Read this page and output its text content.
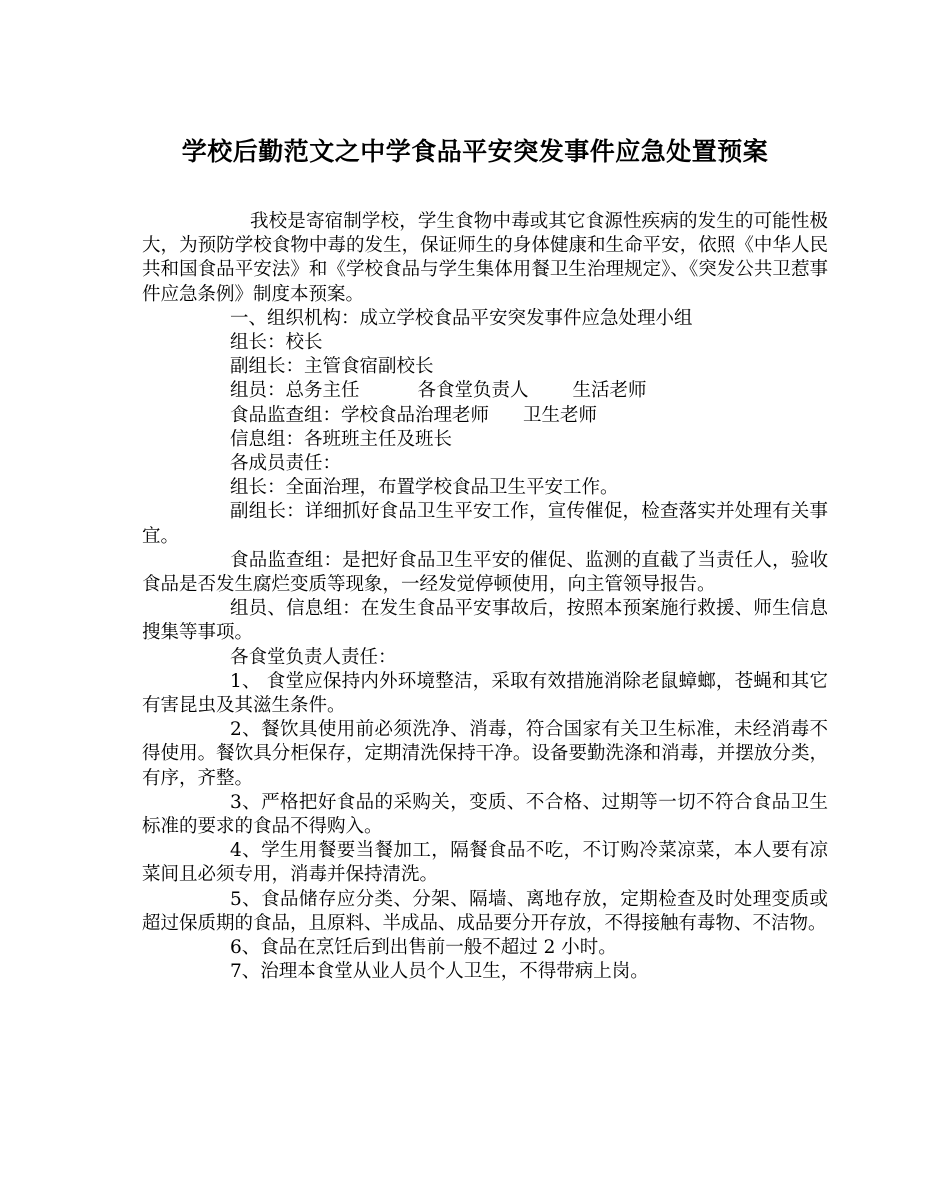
学校后勤范文之中学食品平安突发事件应急处置预案

我校是寄宿制学校，学生食物中毒或其它食源性疾病的发生的可能性极大，为预防学校食物中毒的发生，保证师生的身体健康和生命平安，依照《中华人民共和国食品平安法》和《学校食品与学生集体用餐卫生治理规定》、《突发公共卫惹事件应急条例》制度本预案。

一、组织机构：成立学校食品平安突发事件应急处理小组

组长：校长

副组长：主管食宿副校长

组员：总务主任	各食堂负责人 生活老师

食品监查组：学校食品治理老师 卫生老师

信息组：各班班主任及班长

各成员责任：

组长：全面治理，布置学校食品卫生平安工作。

副组长：详细抓好食品卫生平安工作，宣传催促，检查落实并处理有关事宜。

食品监查组：是把好食品卫生平安的催促、监测的直截了当责任人，验收食品是否发生腐烂变质等现象，一经发觉停顿使用，向主管领导报告。

组员、信息组：在发生食品平安事故后，按照本预案施行救援、师生信息搜集等事项。

各食堂负责人责任：

1、 食堂应保持内外环境整洁，采取有效措施消除老鼠蟑螂，苍蝇和其它有害昆虫及其滋生条件。

2、餐饮具使用前必须洗净、消毒，符合国家有关卫生标准，未经消毒不得使用。餐饮具分柜保存，定期清洗保持干净。设备要勤洗涤和消毒，并摆放分类，有序，齐整。

3、严格把好食品的采购关，变质、不合格、过期等一切不符合食品卫生标准的要求的食品不得购入。

4、学生用餐要当餐加工，隔餐食品不吃，不订购冷菜凉菜，本人要有凉菜间且必须专用，消毒并保持清洗。

5、食品储存应分类、分架、隔墙、离地存放，定期检查及时处理变质或超过保质期的食品，且原料、半成品、成品要分开存放，不得接触有毒物、不洁物。

6、食品在烹饪后到出售前一般不超过 2 小时。

7、治理本食堂从业人员个人卫生，不得带病上岗。
